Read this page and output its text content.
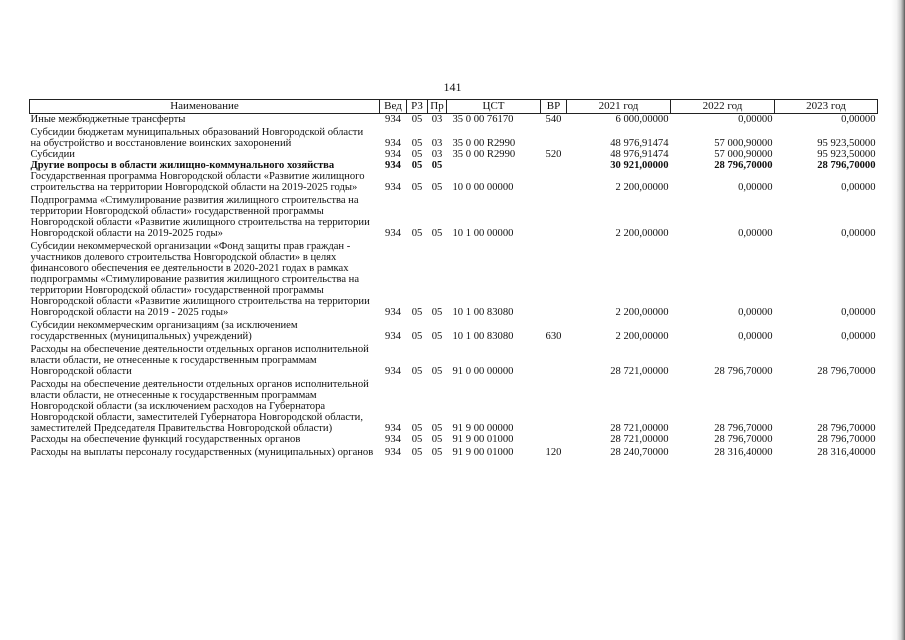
141
Наименование	Вед	РЗ	Пр	ЦСТ	ВР	2021 год	2022 год	2023 год
Иные межбюджетные трансферты	934	05	03	35 0 00 76170	540	6 000,00000	0,00000	0,00000
Субсидии бюджетам муниципальных образований Новгородской области на обустройство и восстановление воинских захоронений	934	05	03	35 0 00 R2990		48 976,91474	57 000,90000	95 923,50000
Субсидии	934	05	03	35 0 00 R2990	520	48 976,91474	57 000,90000	95 923,50000
Другие вопросы в области жилищно-коммунального хозяйства	934	05	05			30 921,00000	28 796,70000	28 796,70000
Государственная программа Новгородской области «Развитие жилищного строительства на территории Новгородской области на 2019-2025 годы»	934	05	05	10 0 00 00000		2 200,00000	0,00000	0,00000
Подпрограмма «Стимулирование развития жилищного строительства на территории Новгородской области» государственной программы Новгородской области «Развитие жилищного строительства на территории Новгородской области на 2019-2025 годы»	934	05	05	10 1 00 00000		2 200,00000	0,00000	0,00000
Субсидии некоммерческой организации «Фонд защиты прав граждан - участников долевого строительства Новгородской области» в целях финансового обеспечения ее деятельности в 2020-2021 годах в рамках подпрограммы «Стимулирование развития жилищного строительства на территории Новгородской области» государственной программы Новгородской области «Развитие жилищного строительства на территории Новгородской области на 2019 - 2025 годы»	934	05	05	10 1 00 83080		2 200,00000	0,00000	0,00000
Субсидии некоммерческим организациям (за исключением государственных (муниципальных) учреждений)	934	05	05	10 1 00 83080	630	2 200,00000	0,00000	0,00000
Расходы на обеспечение деятельности отдельных органов исполнительной власти области, не отнесенные к государственным программам Новгородской области	934	05	05	91 0 00 00000		28 721,00000	28 796,70000	28 796,70000
Расходы на обеспечение деятельности отдельных органов исполнительной власти области, не отнесенные к государственным программам Новгородской области (за исключением расходов на Губернатора Новгородской области, заместителей Губернатора Новгородской области, заместителей Председателя Правительства Новгородской области)	934	05	05	91 9 00 00000		28 721,00000	28 796,70000	28 796,70000
Расходы на обеспечение функций государственных органов	934	05	05	91 9 00 01000		28 721,00000	28 796,70000	28 796,70000
Расходы на выплаты персоналу государственных (муниципальных) органов	934	05	05	91 9 00 01000	120	28 240,70000	28 316,40000	28 316,40000
